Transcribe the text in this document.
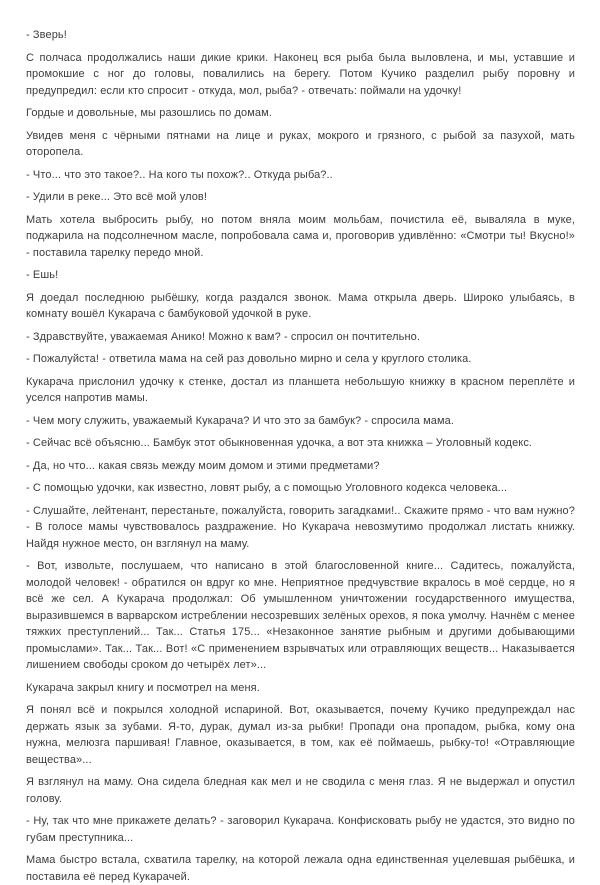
- Зверь!

С полчаса продолжались наши дикие крики. Наконец вся рыба была выловлена, и мы, уставшие и промокшие с ног до головы, повалились на берегу. Потом Кучико разделил рыбу поровну и предупредил: если кто спросит - откуда, мол, рыба? - отвечать: поймали на удочку!

Гордые и довольные, мы разошлись по домам.

Увидев меня с чёрными пятнами на лице и руках, мокрого и грязного, с рыбой за пазухой, мать оторопела.

- Что... что это такое?.. На кого ты похож?.. Откуда рыба?..

- Удили в реке... Это всё мой улов!

Мать хотела выбросить рыбу, но потом вняла моим мольбам, почистила её, вываляла в муке, поджарила на подсолнечном масле, попробовала сама и, проговорив удивлённо: «Смотри ты! Вкусно!» - поставила тарелку передо мной.

- Ешь!

Я доедал последнюю рыбёшку, когда раздался звонок. Мама открыла дверь. Широко улыбаясь, в комнату вошёл Кукарача с бамбуковой удочкой в руке.

- Здравствуйте, уважаемая Анико! Можно к вам? - спросил он почтительно.

- Пожалуйста! - ответила мама на сей раз довольно мирно и села у круглого столика.

Кукарача прислонил удочку к стенке, достал из планшета небольшую книжку в красном переплёте и уселся напротив мамы.

- Чем могу служить, уважаемый Кукарача? И что это за бамбук? - спросила мама.

- Сейчас всё объясню... Бамбук этот обыкновенная удочка, а вот эта книжка – Уголовный кодекс.

- Да, но что... какая связь между моим домом и этими предметами?

- С помощью удочки, как известно, ловят рыбу, а с помощью Уголовного кодекса человека...

- Слушайте, лейтенант, перестаньте, пожалуйста, говорить загадками!.. Скажите прямо - что вам нужно? - В голосе мамы чувствовалось раздражение. Но Кукарача невозмутимо продолжал листать книжку. Найдя нужное место, он взглянул на маму.

- Вот, извольте, послушаем, что написано в этой благословенной книге... Садитесь, пожалуйста, молодой человек! - обратился он вдруг ко мне. Неприятное предчувствие вкралось в моё сердце, но я всё же сел. А Кукарача продолжал: Об умышленном уничтожении государственного имущества, выразившемся в варварском истреблении несозревших зелёных орехов, я пока умолчу. Начнём с менее тяжких преступлений... Так... Статья 175... «Незаконное занятие рыбным и другими добывающими промыслами». Так... Так... Вот! «С применением взрывчатых или отравляющих веществ... Наказывается лишением свободы сроком до четырёх лет»...

Кукарача закрыл книгу и посмотрел на меня.

Я понял всё и покрылся холодной испариной. Вот, оказывается, почему Кучико предупреждал нас держать язык за зубами. Я-то, дурак, думал из-за рыбки! Пропади она пропадом, рыбка, кому она нужна, мелюзга паршивая! Главное, оказывается, в том, как её поймаешь, рыбку-то! «Отравляющие вещества»...

Я взглянул на маму. Она сидела бледная как мел и не сводила с меня глаз. Я не выдержал и опустил голову.

- Ну, так что мне прикажете делать? - заговорил Кукарача. Конфисковать рыбу не удастся, это видно по губам преступника...

Мама быстро встала, схватила тарелку, на которой лежала одна единственная уцелевшая рыбёшка, и поставила её перед Кукарачей.
